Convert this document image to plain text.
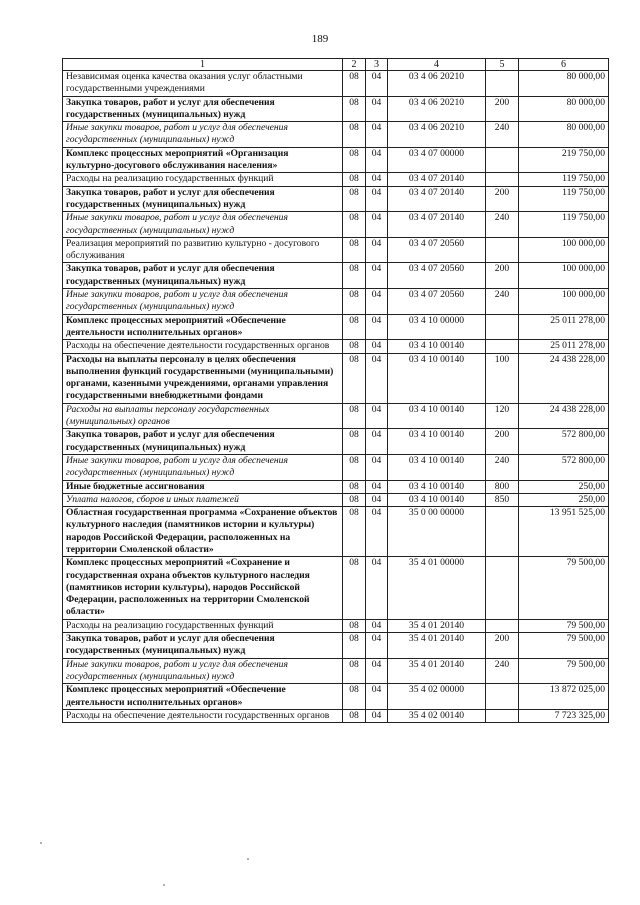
189
1	2	3	4	5	6
Независимая оценка качества оказания услуг областными государственными учреждениями	08	04	03 4 06 20210		80 000,00
Закупка товаров, работ и услуг для обеспечения государственных (муниципальных) нужд	08	04	03 4 06 20210	200	80 000,00
Иные закупки товаров, работ и услуг для обеспечения государственных (муниципальных) нужд	08	04	03 4 06 20210	240	80 000,00
Комплекс процессных мероприятий «Организация культурно-досугового обслуживания населения»	08	04	03 4 07 00000		219 750,00
Расходы на реализацию государственных функций	08	04	03 4 07 20140		119 750,00
Закупка товаров, работ и услуг для обеспечения государственных (муниципальных) нужд	08	04	03 4 07 20140	200	119 750,00
Иные закупки товаров, работ и услуг для обеспечения государственных (муниципальных) нужд	08	04	03 4 07 20140	240	119 750,00
Реализация мероприятий по развитию культурно - досугового обслуживания	08	04	03 4 07 20560		100 000,00
Закупка товаров, работ и услуг для обеспечения государственных (муниципальных) нужд	08	04	03 4 07 20560	200	100 000,00
Иные закупки товаров, работ и услуг для обеспечения государственных (муниципальных) нужд	08	04	03 4 07 20560	240	100 000,00
Комплекс процессных мероприятий «Обеспечение деятельности исполнительных органов»	08	04	03 4 10 00000		25 011 278,00
Расходы на обеспечение деятельности государственных органов	08	04	03 4 10 00140		25 011 278,00
Расходы на выплаты персоналу в целях обеспечения выполнения функций государственными (муниципальными) органами, казенными учреждениями, органами управления государственными внебюджетными фондами	08	04	03 4 10 00140	100	24 438 228,00
Расходы на выплаты персоналу государственных (муниципальных) органов	08	04	03 4 10 00140	120	24 438 228,00
Закупка товаров, работ и услуг для обеспечения государственных (муниципальных) нужд	08	04	03 4 10 00140	200	572 800,00
Иные закупки товаров, работ и услуг для обеспечения государственных (муниципальных) нужд	08	04	03 4 10 00140	240	572 800,00
Иные бюджетные ассигнования	08	04	03 4 10 00140	800	250,00
Уплата налогов, сборов и иных платежей	08	04	03 4 10 00140	850	250,00
Областная государственная программа «Сохранение объектов культурного наследия (памятников истории и культуры) народов Российской Федерации, расположенных на территории Смоленской области»	08	04	35 0 00 00000		13 951 525,00
Комплекс процессных мероприятий «Сохранение и государственная охрана объектов культурного наследия (памятников истории культуры), народов Российской Федерации, расположенных на территории Смоленской области»	08	04	35 4 01 00000		79 500,00
Расходы на реализацию государственных функций	08	04	35 4 01 20140		79 500,00
Закупка товаров, работ и услуг для обеспечения государственных (муниципальных) нужд	08	04	35 4 01 20140	200	79 500,00
Иные закупки товаров, работ и услуг для обеспечения государственных (муниципальных) нужд	08	04	35 4 01 20140	240	79 500,00
Комплекс процессных мероприятий «Обеспечение деятельности исполнительных органов»	08	04	35 4 02 00000		13 872 025,00
Расходы на обеспечение деятельности государственных органов	08	04	35 4 02 00140		7 723 325,00
